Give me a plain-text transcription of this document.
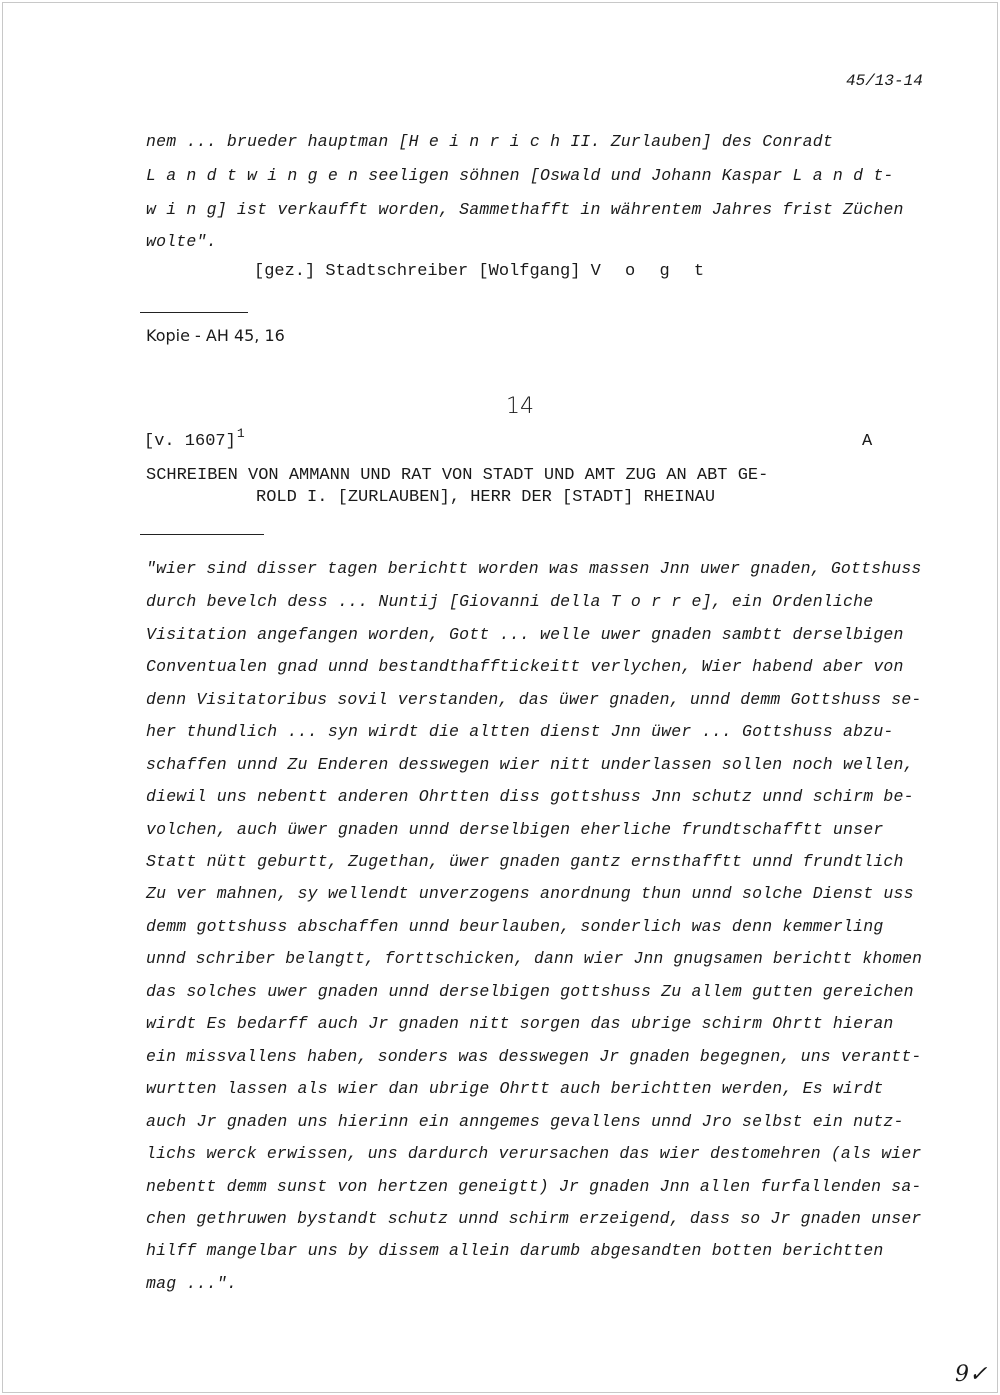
45/13-14
nem ... brueder hauptman [H e i n r i c h II. Zurlauben] des Conradt
L a n d t w i n g e n seeligen söhnen [Oswald und Johann Kaspar L a n d t-
w i n g] ist verkaufft worden, Sammethafft in währentem Jahres frist Züchen
wolte".
[gez.] Stadtschreiber [Wolfgang] V o g t
Kopie - AH 45, 16
14
[v. 1607]$^1$	A
SCHREIBEN VON AMMANN UND RAT VON STADT UND AMT ZUG AN ABT GE-
ROLD I. [ZURLAUBEN], HERR DER [STADT] RHEINAU
"wier sind disser tagen berichtt worden was massen Jnn uwer gnaden, Gottshuss
durch bevelch dess ... Nuntij [Giovanni della T o r r e], ein Ordenliche
Visitation angefangen worden, Gott ... welle uwer gnaden sambtt derselbigen
Conventualen gnad unnd bestandthafftickeitt verlychen, Wier habend aber von
denn Visitatoribus sovil verstanden, das üwer gnaden, unnd demm Gottshuss se-
her thundlich ... syn wirdt die altten dienst Jnn üwer ... Gottshuss abzu-
schaffen unnd Zu Enderen desswegen wier nitt underlassen sollen noch wellen,
diewil uns nebentt anderen Ohrtten diss gottshuss Jnn schutz unnd schirm be-
volchen, auch üwer gnaden unnd derselbigen eherliche frundtschafftt unser
Statt nütt geburtt, Zugethan, üwer gnaden gantz ernsthafftt unnd frundtlich
Zu ver mahnen, sy wellendt unverzogens anordnung thun unnd solche Dienst uss
demm gottshuss abschaffen unnd beurlauben, sonderlich was denn kemmerling
unnd schriber belangtt, forttschicken, dann wier Jnn gnugsamen berichtt khomen
das solches uwer gnaden unnd derselbigen gottshuss Zu allem gutten gereichen
wirdt Es bedarff auch Jr gnaden nitt sorgen das ubrige schirm Ohrtt hieran
ein missvallens haben, sonders was desswegen Jr gnaden begegnen, uns verantt-
wurtten lassen als wier dan ubrige Ohrtt auch berichtten werden, Es wirdt
auch Jr gnaden uns hierinn ein anngemes gevallens unnd Jro selbst ein nutz-
lichs werck erwissen, uns dardurch verursachen das wier destomehren (als wier
nebentt demm sunst von hertzen geneigtt) Jr gnaden Jnn allen furfallenden sa-
chen gethruwen bystandt schutz unnd schirm erzeigend, dass so Jr gnaden unser
hilff mangelbar uns by dissem allein darumb abgesandten botten berichtten
mag ...".
9✓
